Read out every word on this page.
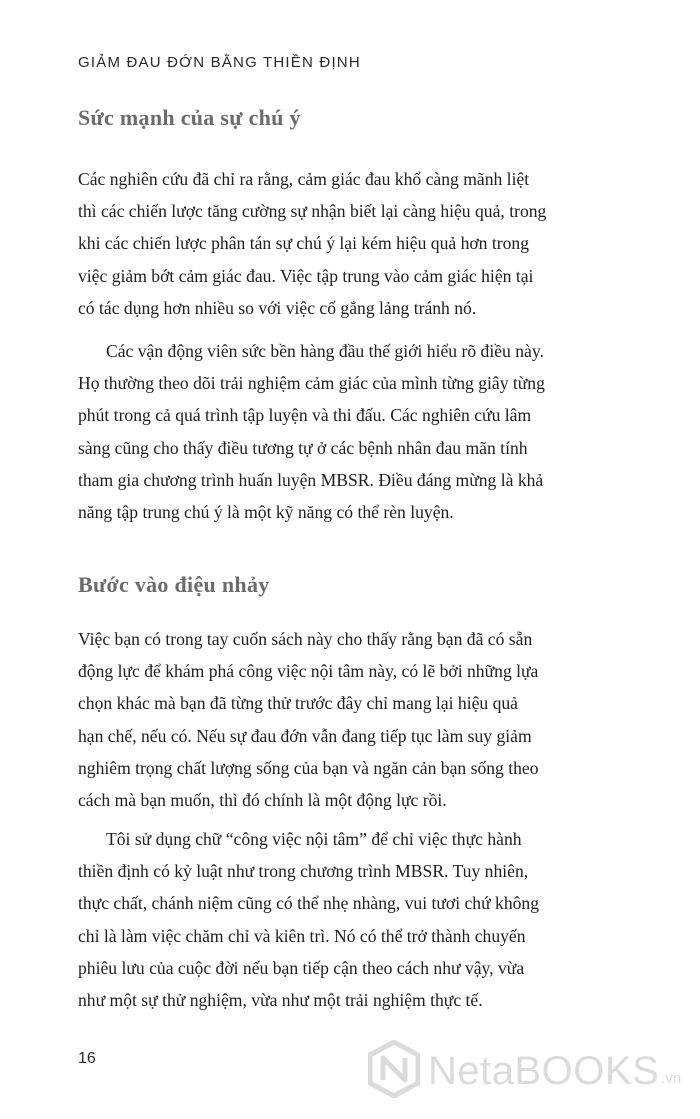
GIẢM ĐAU ĐỚN BẰNG THIỀN ĐỊNH
Sức mạnh của sự chú ý
Các nghiên cứu đã chỉ ra rằng, cảm giác đau khổ càng mãnh liệt
thì các chiến lược tăng cường sự nhận biết lại càng hiệu quả, trong
khi các chiến lược phân tán sự chú ý lại kém hiệu quả hơn trong
việc giảm bớt cảm giác đau. Việc tập trung vào cảm giác hiện tại
có tác dụng hơn nhiều so với việc cố gắng lảng tránh nó.
Các vận động viên sức bền hàng đầu thế giới hiểu rõ điều này.
Họ thường theo dõi trải nghiệm cảm giác của mình từng giây từng
phút trong cả quá trình tập luyện và thi đấu. Các nghiên cứu lâm
sàng cũng cho thấy điều tương tự ở các bệnh nhân đau mãn tính
tham gia chương trình huấn luyện MBSR. Điều đáng mừng là khả
năng tập trung chú ý là một kỹ năng có thể rèn luyện.
Bước vào điệu nhảy
Việc bạn có trong tay cuốn sách này cho thấy rằng bạn đã có sẵn
động lực để khám phá công việc nội tâm này, có lẽ bởi những lựa
chọn khác mà bạn đã từng thử trước đây chỉ mang lại hiệu quả
hạn chế, nếu có. Nếu sự đau đớn vẫn đang tiếp tục làm suy giảm
nghiêm trọng chất lượng sống của bạn và ngăn cản bạn sống theo
cách mà bạn muốn, thì đó chính là một động lực rồi.
Tôi sử dụng chữ “công việc nội tâm” để chỉ việc thực hành
thiền định có kỷ luật như trong chương trình MBSR. Tuy nhiên,
thực chất, chánh niệm cũng có thể nhẹ nhàng, vui tươi chứ không
chỉ là làm việc chăm chỉ và kiên trì. Nó có thể trở thành chuyến
phiêu lưu của cuộc đời nếu bạn tiếp cận theo cách như vậy, vừa
như một sự thử nghiệm, vừa như một trải nghiệm thực tế.
16	NetaBOOKS .vn
